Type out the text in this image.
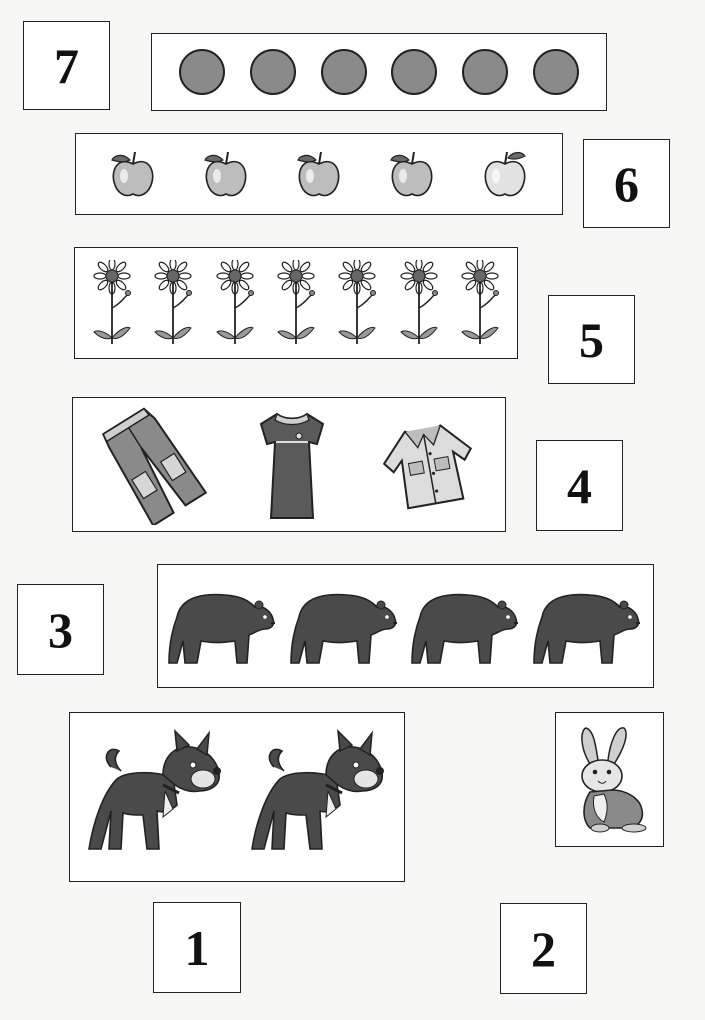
7
6
5
4
3
1	2
